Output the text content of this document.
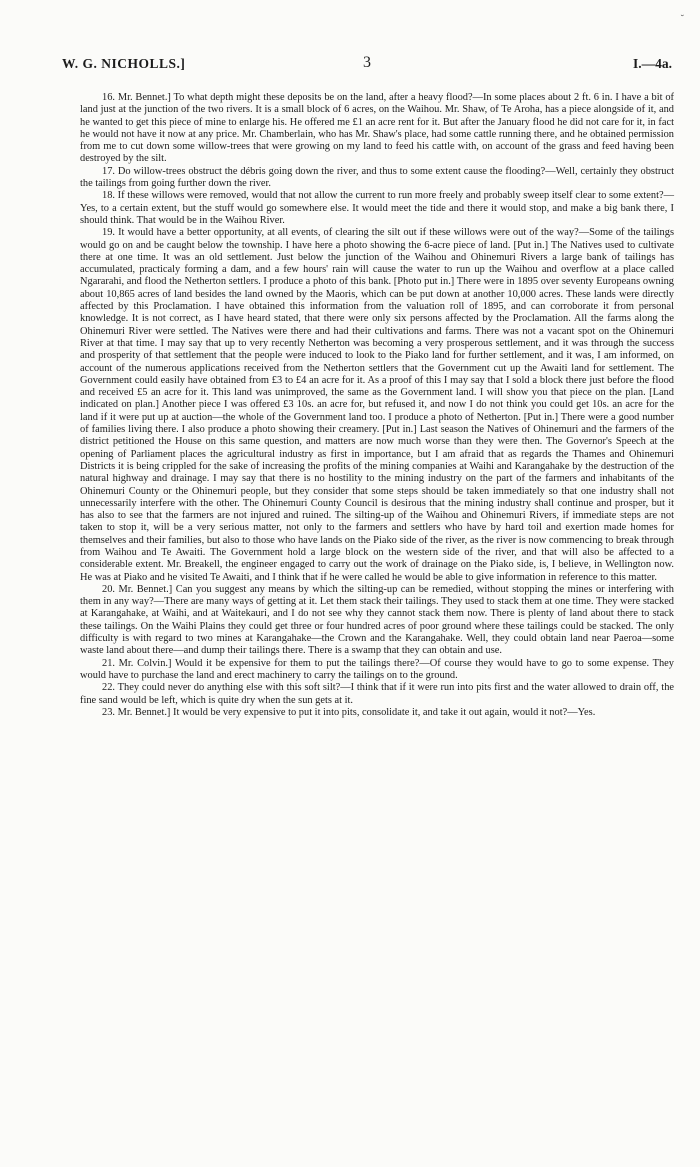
˘
W. G. NICHOLLS.]	3	I.—4a.

16. Mr. Bennet.] To what depth might these deposits be on the land, after a heavy flood?—In some places about 2 ft. 6 in. I have a bit of land just at the junction of the two rivers. It is a small block of 6 acres, on the Waihou. Mr. Shaw, of Te Aroha, has a piece alongside of it, and he wanted to get this piece of mine to enlarge his. He offered me £1 an acre rent for it. But after the January flood he did not care for it, in fact he would not have it now at any price. Mr. Chamberlain, who has Mr. Shaw's place, had some cattle running there, and he obtained permission from me to cut down some willow-trees that were growing on my land to feed his cattle with, on account of the grass and feed having been destroyed by the silt.

17. Do willow-trees obstruct the débris going down the river, and thus to some extent cause the flooding?—Well, certainly they obstruct the tailings from going further down the river.

18. If these willows were removed, would that not allow the current to run more freely and probably sweep itself clear to some extent?—Yes, to a certain extent, but the stuff would go somewhere else. It would meet the tide and there it would stop, and make a big bank there, I should think. That would be in the Waihou River.

19. It would have a better opportunity, at all events, of clearing the silt out if these willows were out of the way?—Some of the tailings would go on and be caught below the township. I have here a photo showing the 6-acre piece of land. [Put in.] The Natives used to cultivate there at one time. It was an old settlement. Just below the junction of the Waihou and Ohinemuri Rivers a large bank of tailings has accumulated, practicaly forming a dam, and a few hours' rain will cause the water to run up the Waihou and overflow at a place called Ngararahi, and flood the Netherton settlers. I produce a photo of this bank. [Photo put in.] There were in 1895 over seventy Europeans owning about 10,865 acres of land besides the land owned by the Maoris, which can be put down at another 10,000 acres. These lands were directly affected by this Proclamation. I have obtained this information from the valuation roll of 1895, and can corroborate it from personal knowledge. It is not correct, as I have heard stated, that there were only six persons affected by the Proclamation. All the farms along the Ohinemuri River were settled. The Natives were there and had their cultivations and farms. There was not a vacant spot on the Ohinemuri River at that time. I may say that up to very recently Netherton was becoming a very prosperous settlement, and it was through the success and prosperity of that settlement that the people were induced to look to the Piako land for further settlement, and it was, I am informed, on account of the numerous applications received from the Netherton settlers that the Government cut up the Awaiti land for settlement. The Government could easily have obtained from £3 to £4 an acre for it. As a proof of this I may say that I sold a block there just before the flood and received £5 an acre for it. This land was unimproved, the same as the Government land. I will show you that piece on the plan. [Land indicated on plan.] Another piece I was offered £3 10s. an acre for, but refused it, and now I do not think you could get 10s. an acre for the land if it were put up at auction—the whole of the Government land too. I produce a photo of Netherton. [Put in.] There were a good number of families living there. I also produce a photo showing their creamery. [Put in.] Last season the Natives of Ohinemuri and the farmers of the district petitioned the House on this same question, and matters are now much worse than they were then. The Governor's Speech at the opening of Parliament places the agricultural industry as first in importance, but I am afraid that as regards the Thames and Ohinemuri Districts it is being crippled for the sake of increasing the profits of the mining companies at Waihi and Karangahake by the destruction of the natural highway and drainage. I may say that there is no hostility to the mining industry on the part of the farmers and inhabitants of the Ohinemuri County or the Ohinemuri people, but they consider that some steps should be taken immediately so that one industry shall not unnecessarily interfere with the other. The Ohinemuri County Council is desirous that the mining industry shall continue and prosper, but it has also to see that the farmers are not injured and ruined. The silting-up of the Waihou and Ohinemuri Rivers, if immediate steps are not taken to stop it, will be a very serious matter, not only to the farmers and settlers who have by hard toil and exertion made homes for themselves and their families, but also to those who have lands on the Piako side of the river, as the river is now commencing to break through from Waihou and Te Awaiti. The Government hold a large block on the western side of the river, and that will also be affected to a considerable extent. Mr. Breakell, the engineer engaged to carry out the work of drainage on the Piako side, is, I believe, in Wellington now. He was at Piako and he visited Te Awaiti, and I think that if he were called he would be able to give information in reference to this matter.

20. Mr. Bennet.] Can you suggest any means by which the silting-up can be remedied, without stopping the mines or interfering with them in any way?—There are many ways of getting at it. Let them stack their tailings. They used to stack them at one time. They were stacked at Karangahake, at Waihi, and at Waitekauri, and I do not see why they cannot stack them now. There is plenty of land about there to stack these tailings. On the Waihi Plains they could get three or four hundred acres of poor ground where these tailings could be stacked. The only difficulty is with regard to two mines at Karangahake—the Crown and the Karangahake. Well, they could obtain land near Paeroa—some waste land about there—and dump their tailings there. There is a swamp that they can obtain and use.

21. Mr. Colvin.] Would it be expensive for them to put the tailings there?—Of course they would have to go to some expense. They would have to purchase the land and erect machinery to carry the tailings on to the ground.

22. They could never do anything else with this soft silt?—I think that if it were run into pits first and the water allowed to drain off, the fine sand would be left, which is quite dry when the sun gets at it.

23. Mr. Bennet.] It would be very expensive to put it into pits, consolidate it, and take it out again, would it not?—Yes.
